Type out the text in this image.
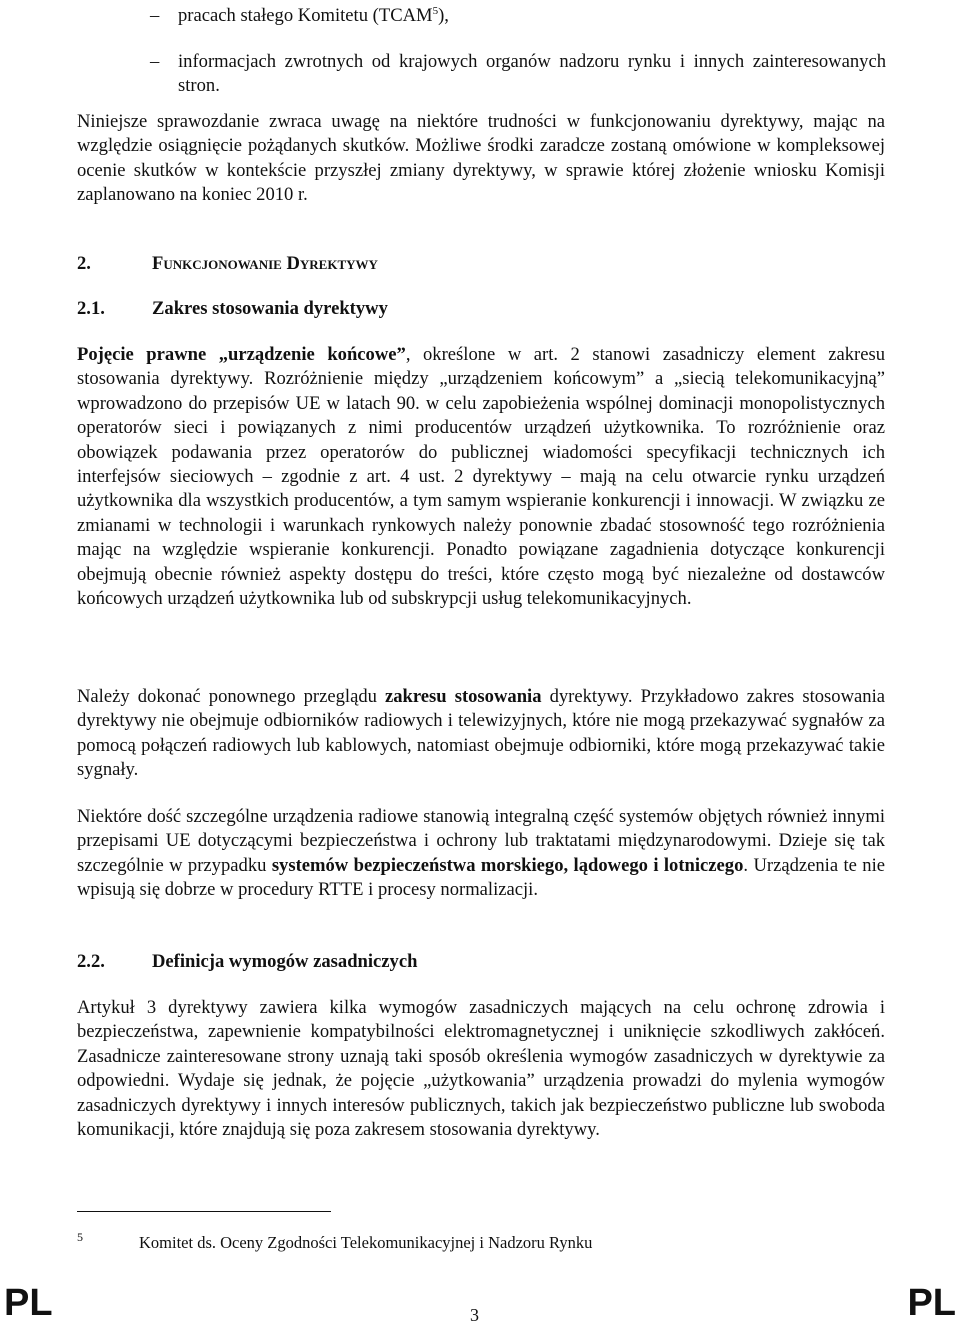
–	pracach stałego Komitetu (TCAM$^5$),
–	informacjach zwrotnych od krajowych organów nadzoru rynku i innych zainteresowanych stron.
Niniejsze sprawozdanie zwraca uwagę na niektóre trudności w funkcjonowaniu dyrektywy, mając na względzie osiągnięcie pożądanych skutków. Możliwe środki zaradcze zostaną omówione w kompleksowej ocenie skutków w kontekście przyszłej zmiany dyrektywy, w sprawie której złożenie wniosku Komisji zaplanowano na koniec 2010 r.
2.	Funkcjonowanie Dyrektywy
2.1.	Zakres stosowania dyrektywy
Pojęcie prawne „urządzenie końcowe”, określone w art. 2 stanowi zasadniczy element zakresu stosowania dyrektywy. Rozróżnienie między „urządzeniem końcowym” a „siecią telekomunikacyjną” wprowadzono do przepisów UE w latach 90. w celu zapobieżenia wspólnej dominacji monopolistycznych operatorów sieci i powiązanych z nimi producentów urządzeń użytkownika. To rozróżnienie oraz obowiązek podawania przez operatorów do publicznej wiadomości specyfikacji technicznych ich interfejsów sieciowych – zgodnie z art. 4 ust. 2 dyrektywy – mają na celu otwarcie rynku urządzeń użytkownika dla wszystkich producentów, a tym samym wspieranie konkurencji i innowacji. W związku ze zmianami w technologii i warunkach rynkowych należy ponownie zbadać stosowność tego rozróżnienia mając na względzie wspieranie konkurencji. Ponadto powiązane zagadnienia dotyczące konkurencji obejmują obecnie również aspekty dostępu do treści, które często mogą być niezależne od dostawców końcowych urządzeń użytkownika lub od subskrypcji usług telekomunikacyjnych.
Należy dokonać ponownego przeglądu zakresu stosowania dyrektywy. Przykładowo zakres stosowania dyrektywy nie obejmuje odbiorników radiowych i telewizyjnych, które nie mogą przekazywać sygnałów za pomocą połączeń radiowych lub kablowych, natomiast obejmuje odbiorniki, które mogą przekazywać takie sygnały.
Niektóre dość szczególne urządzenia radiowe stanowią integralną część systemów objętych również innymi przepisami UE dotyczącymi bezpieczeństwa i ochrony lub traktatami międzynarodowymi. Dzieje się tak szczególnie w przypadku systemów bezpieczeństwa morskiego, lądowego i lotniczego. Urządzenia te nie wpisują się dobrze w procedury RTTE i procesy normalizacji.
2.2.	Definicja wymogów zasadniczych
Artykuł 3 dyrektywy zawiera kilka wymogów zasadniczych mających na celu ochronę zdrowia i bezpieczeństwa, zapewnienie kompatybilności elektromagnetycznej i uniknięcie szkodliwych zakłóceń. Zasadnicze zainteresowane strony uznają taki sposób określenia wymogów zasadniczych w dyrektywie za odpowiedni. Wydaje się jednak, że pojęcie „użytkowania” urządzenia prowadzi do mylenia wymogów zasadniczych dyrektywy i innych interesów publicznych, takich jak bezpieczeństwo publiczne lub swoboda komunikacji, które znajdują się poza zakresem stosowania dyrektywy.
5	Komitet ds. Oceny Zgodności Telekomunikacyjnej i Nadzoru Rynku
PL	3	PL
